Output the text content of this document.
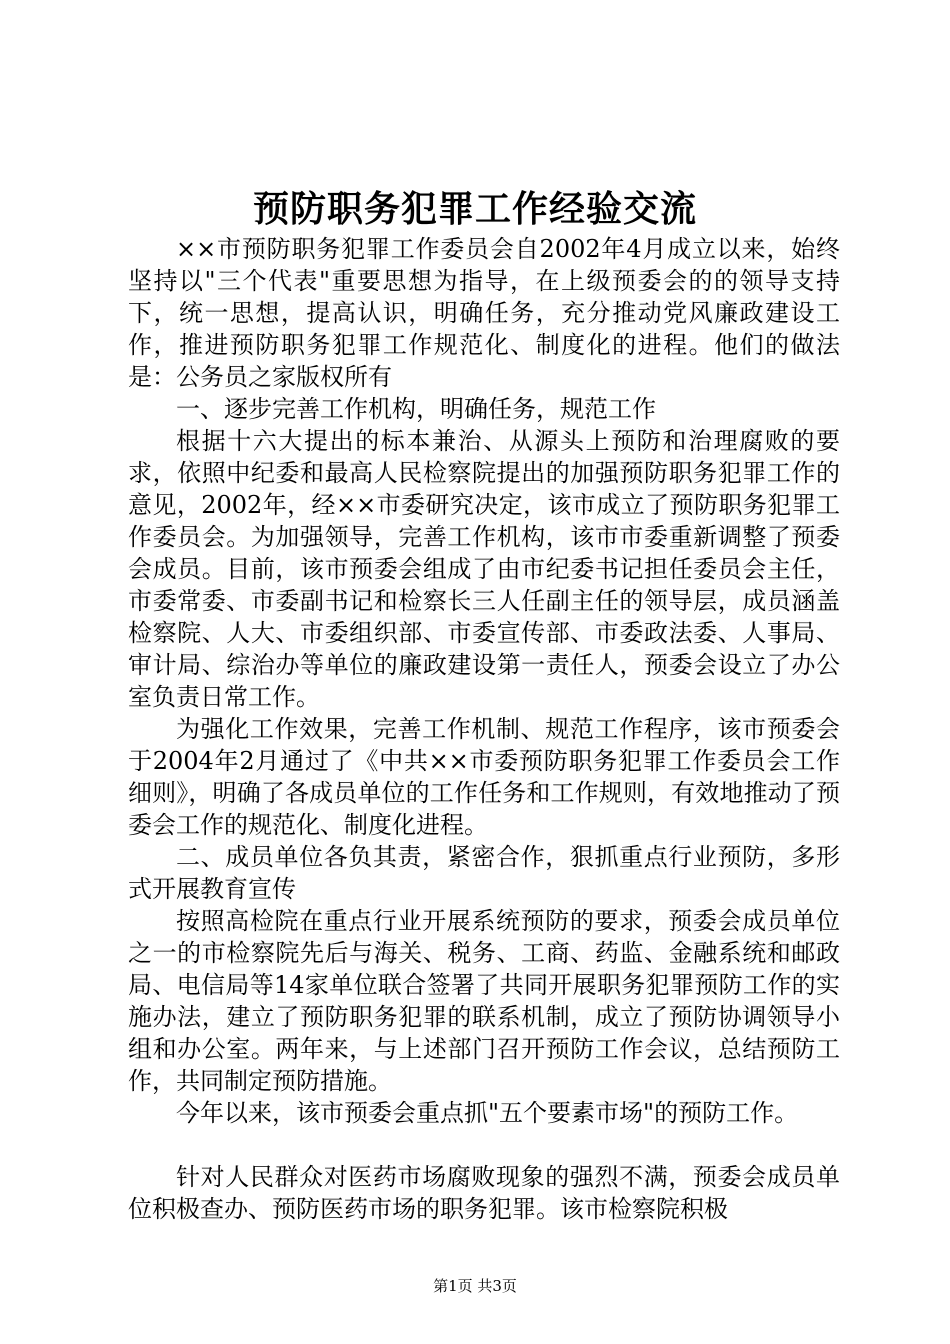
预防职务犯罪工作经验交流

××市预防职务犯罪工作委员会自2002年4月成立以来，始终坚持以"三个代表"重要思想为指导，在上级预委会的的领导支持下，统一思想，提高认识，明确任务，充分推动党风廉政建设工作，推进预防职务犯罪工作规范化、制度化的进程。他们的做法是：公务员之家版权所有

一、逐步完善工作机构，明确任务，规范工作

根据十六大提出的标本兼治、从源头上预防和治理腐败的要求，依照中纪委和最高人民检察院提出的加强预防职务犯罪工作的意见，2002年，经××市委研究决定，该市成立了预防职务犯罪工作委员会。为加强领导，完善工作机构，该市市委重新调整了预委会成员。目前，该市预委会组成了由市纪委书记担任委员会主任，市委常委、市委副书记和检察长三人任副主任的领导层，成员涵盖检察院、人大、市委组织部、市委宣传部、市委政法委、人事局、审计局、综治办等单位的廉政建设第一责任人，预委会设立了办公室负责日常工作。

为强化工作效果，完善工作机制、规范工作程序，该市预委会于2004年2月通过了《中共××市委预防职务犯罪工作委员会工作细则》，明确了各成员单位的工作任务和工作规则，有效地推动了预委会工作的规范化、制度化进程。

二、成员单位各负其责，紧密合作，狠抓重点行业预防，多形式开展教育宣传

按照高检院在重点行业开展系统预防的要求，预委会成员单位之一的市检察院先后与海关、税务、工商、药监、金融系统和邮政局、电信局等14家单位联合签署了共同开展职务犯罪预防工作的实施办法，建立了预防职务犯罪的联系机制，成立了预防协调领导小组和办公室。两年来，与上述部门召开预防工作会议，总结预防工作，共同制定预防措施。

今年以来，该市预委会重点抓"五个要素市场"的预防工作。

针对人民群众对医药市场腐败现象的强烈不满，预委会成员单位积极查办、预防医药市场的职务犯罪。该市检察院积极

第1页 共3页
